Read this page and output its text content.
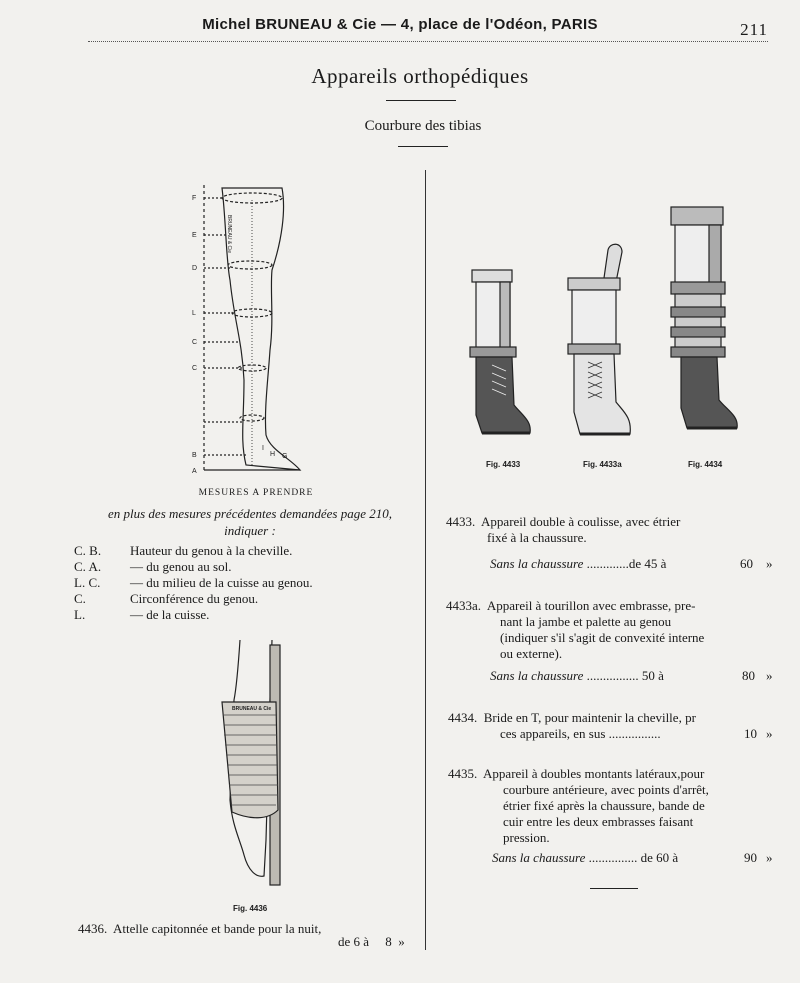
Michel BRUNEAU & Cie — 4, place de l'Odéon, PARIS	211
Appareils orthopédiques
Courbure des tibias
F
E
D
L
C
C
B
A
I
H G
BRUNEAU & Cie
MESURES A PRENDRE
en plus des mesures précédentes demandées page 210, indiquer :
C. B. Hauteur du genou à la cheville.
C. A. — du genou au sol.
L. C. — du milieu de la cuisse au genou.
C.	Circonférence du genou.
L.	— de la cuisse.
BRUNEAU & Cie
Fig. 4436
4436. Attelle capitonnée et bande pour la nuit,
de 6 à 8 »
Fig. 4433	Fig. 4433a	Fig. 4434
4433. Appareil double à coulisse, avec étrier
fixé à la chaussure.
Sans la chaussure .............de 45 à	60 »
4433a. Appareil à tourillon avec embrasse, pre-
nant la jambe et palette au genou
(indiquer s'il s'agit de convexité interne
ou externe).
Sans la chaussure ................ 50 à	80 »
4434. Bride en T, pour maintenir la cheville, pr
ces appareils, en sus ................	10 »
4435. Appareil à doubles montants latéraux,pour
courbure antérieure, avec points d'arrêt,
étrier fixé après la chaussure, bande de
cuir entre les deux embrasses faisant
pression.
Sans la chaussure ............... de 60 à	90 »
